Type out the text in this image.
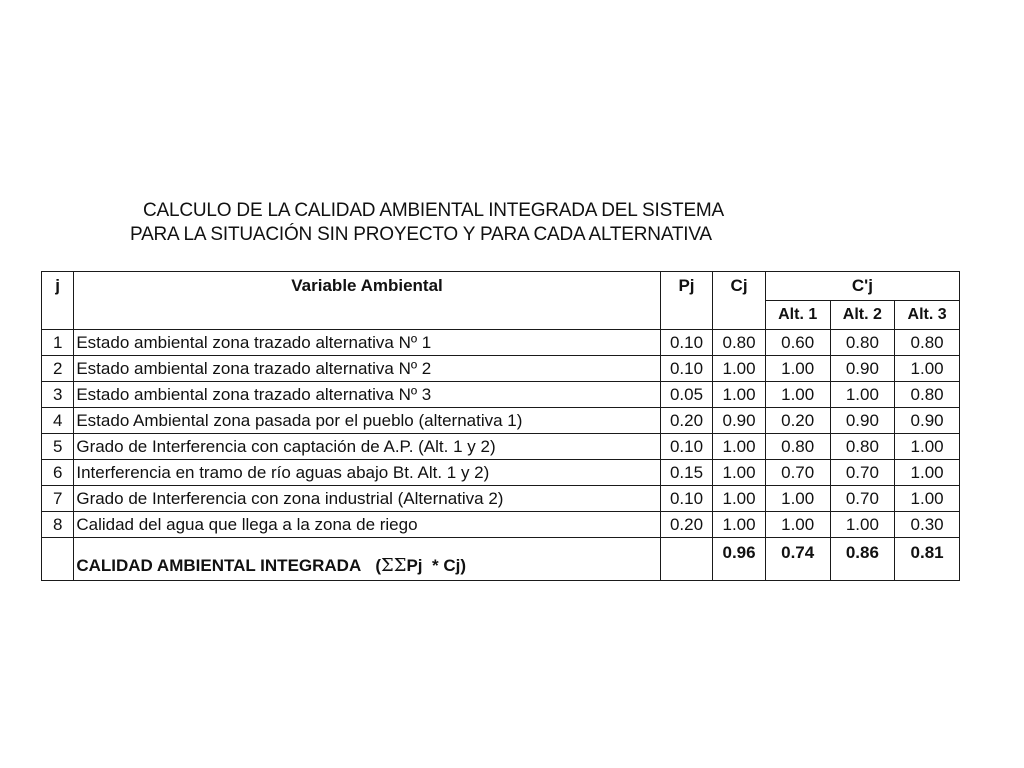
CALCULO DE LA CALIDAD AMBIENTAL INTEGRADA DEL SISTEMA
PARA LA SITUACIÓN SIN PROYECTO Y PARA CADA ALTERNATIVA
j	Variable Ambiental	Pj	Cj	C'j		
				Alt. 1	Alt. 2	Alt. 3
1	Estado ambiental zona trazado alternativa Nº 1	0.10	0.80	0.60	0.80	0.80
2	Estado ambiental zona trazado alternativa Nº 2	0.10	1.00	1.00	0.90	1.00
3	Estado ambiental zona trazado alternativa Nº 3	0.05	1.00	1.00	1.00	0.80
4	Estado Ambiental zona pasada por el pueblo (alternativa 1)	0.20	0.90	0.20	0.90	0.90
5	Grado de Interferencia con captación de A.P. (Alt. 1 y 2)	0.10	1.00	0.80	0.80	1.00
6	Interferencia en tramo de río aguas abajo Bt. Alt. 1 y 2)	0.15	1.00	0.70	0.70	1.00
7	Grado de Interferencia con zona industrial (Alternativa 2)	0.10	1.00	1.00	0.70	1.00
8	Calidad del agua que llega a la zona de riego	0.20	1.00	1.00	1.00	0.30
	CALIDAD AMBIENTAL INTEGRADA (ΣΣPj  * Cj)		0.96	0.74	0.86	0.81
